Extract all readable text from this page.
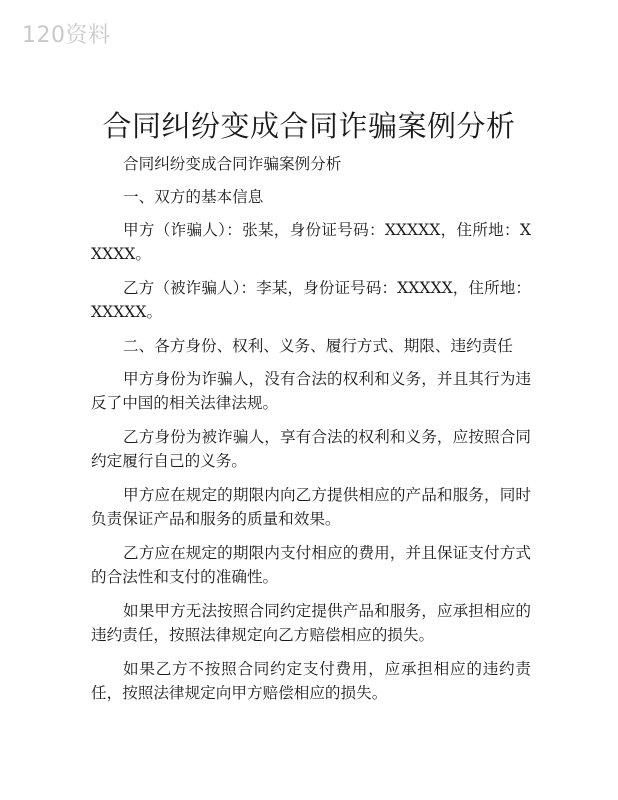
120资料
合同纠纷变成合同诈骗案例分析

合同纠纷变成合同诈骗案例分析

一、双方的基本信息

甲方（诈骗人）：张某，身份证号码：XXXXX，住所地：XXXXX。

乙方（被诈骗人）：李某，身份证号码：XXXXX，住所地：XXXXX。

二、各方身份、权利、义务、履行方式、期限、违约责任

甲方身份为诈骗人，没有合法的权利和义务，并且其行为违反了中国的相关法律法规。

乙方身份为被诈骗人，享有合法的权利和义务，应按照合同约定履行自己的义务。

甲方应在规定的期限内向乙方提供相应的产品和服务，同时负责保证产品和服务的质量和效果。

乙方应在规定的期限内支付相应的费用，并且保证支付方式的合法性和支付的准确性。

如果甲方无法按照合同约定提供产品和服务，应承担相应的违约责任，按照法律规定向乙方赔偿相应的损失。

如果乙方不按照合同约定支付费用，应承担相应的违约责任，按照法律规定向甲方赔偿相应的损失。
